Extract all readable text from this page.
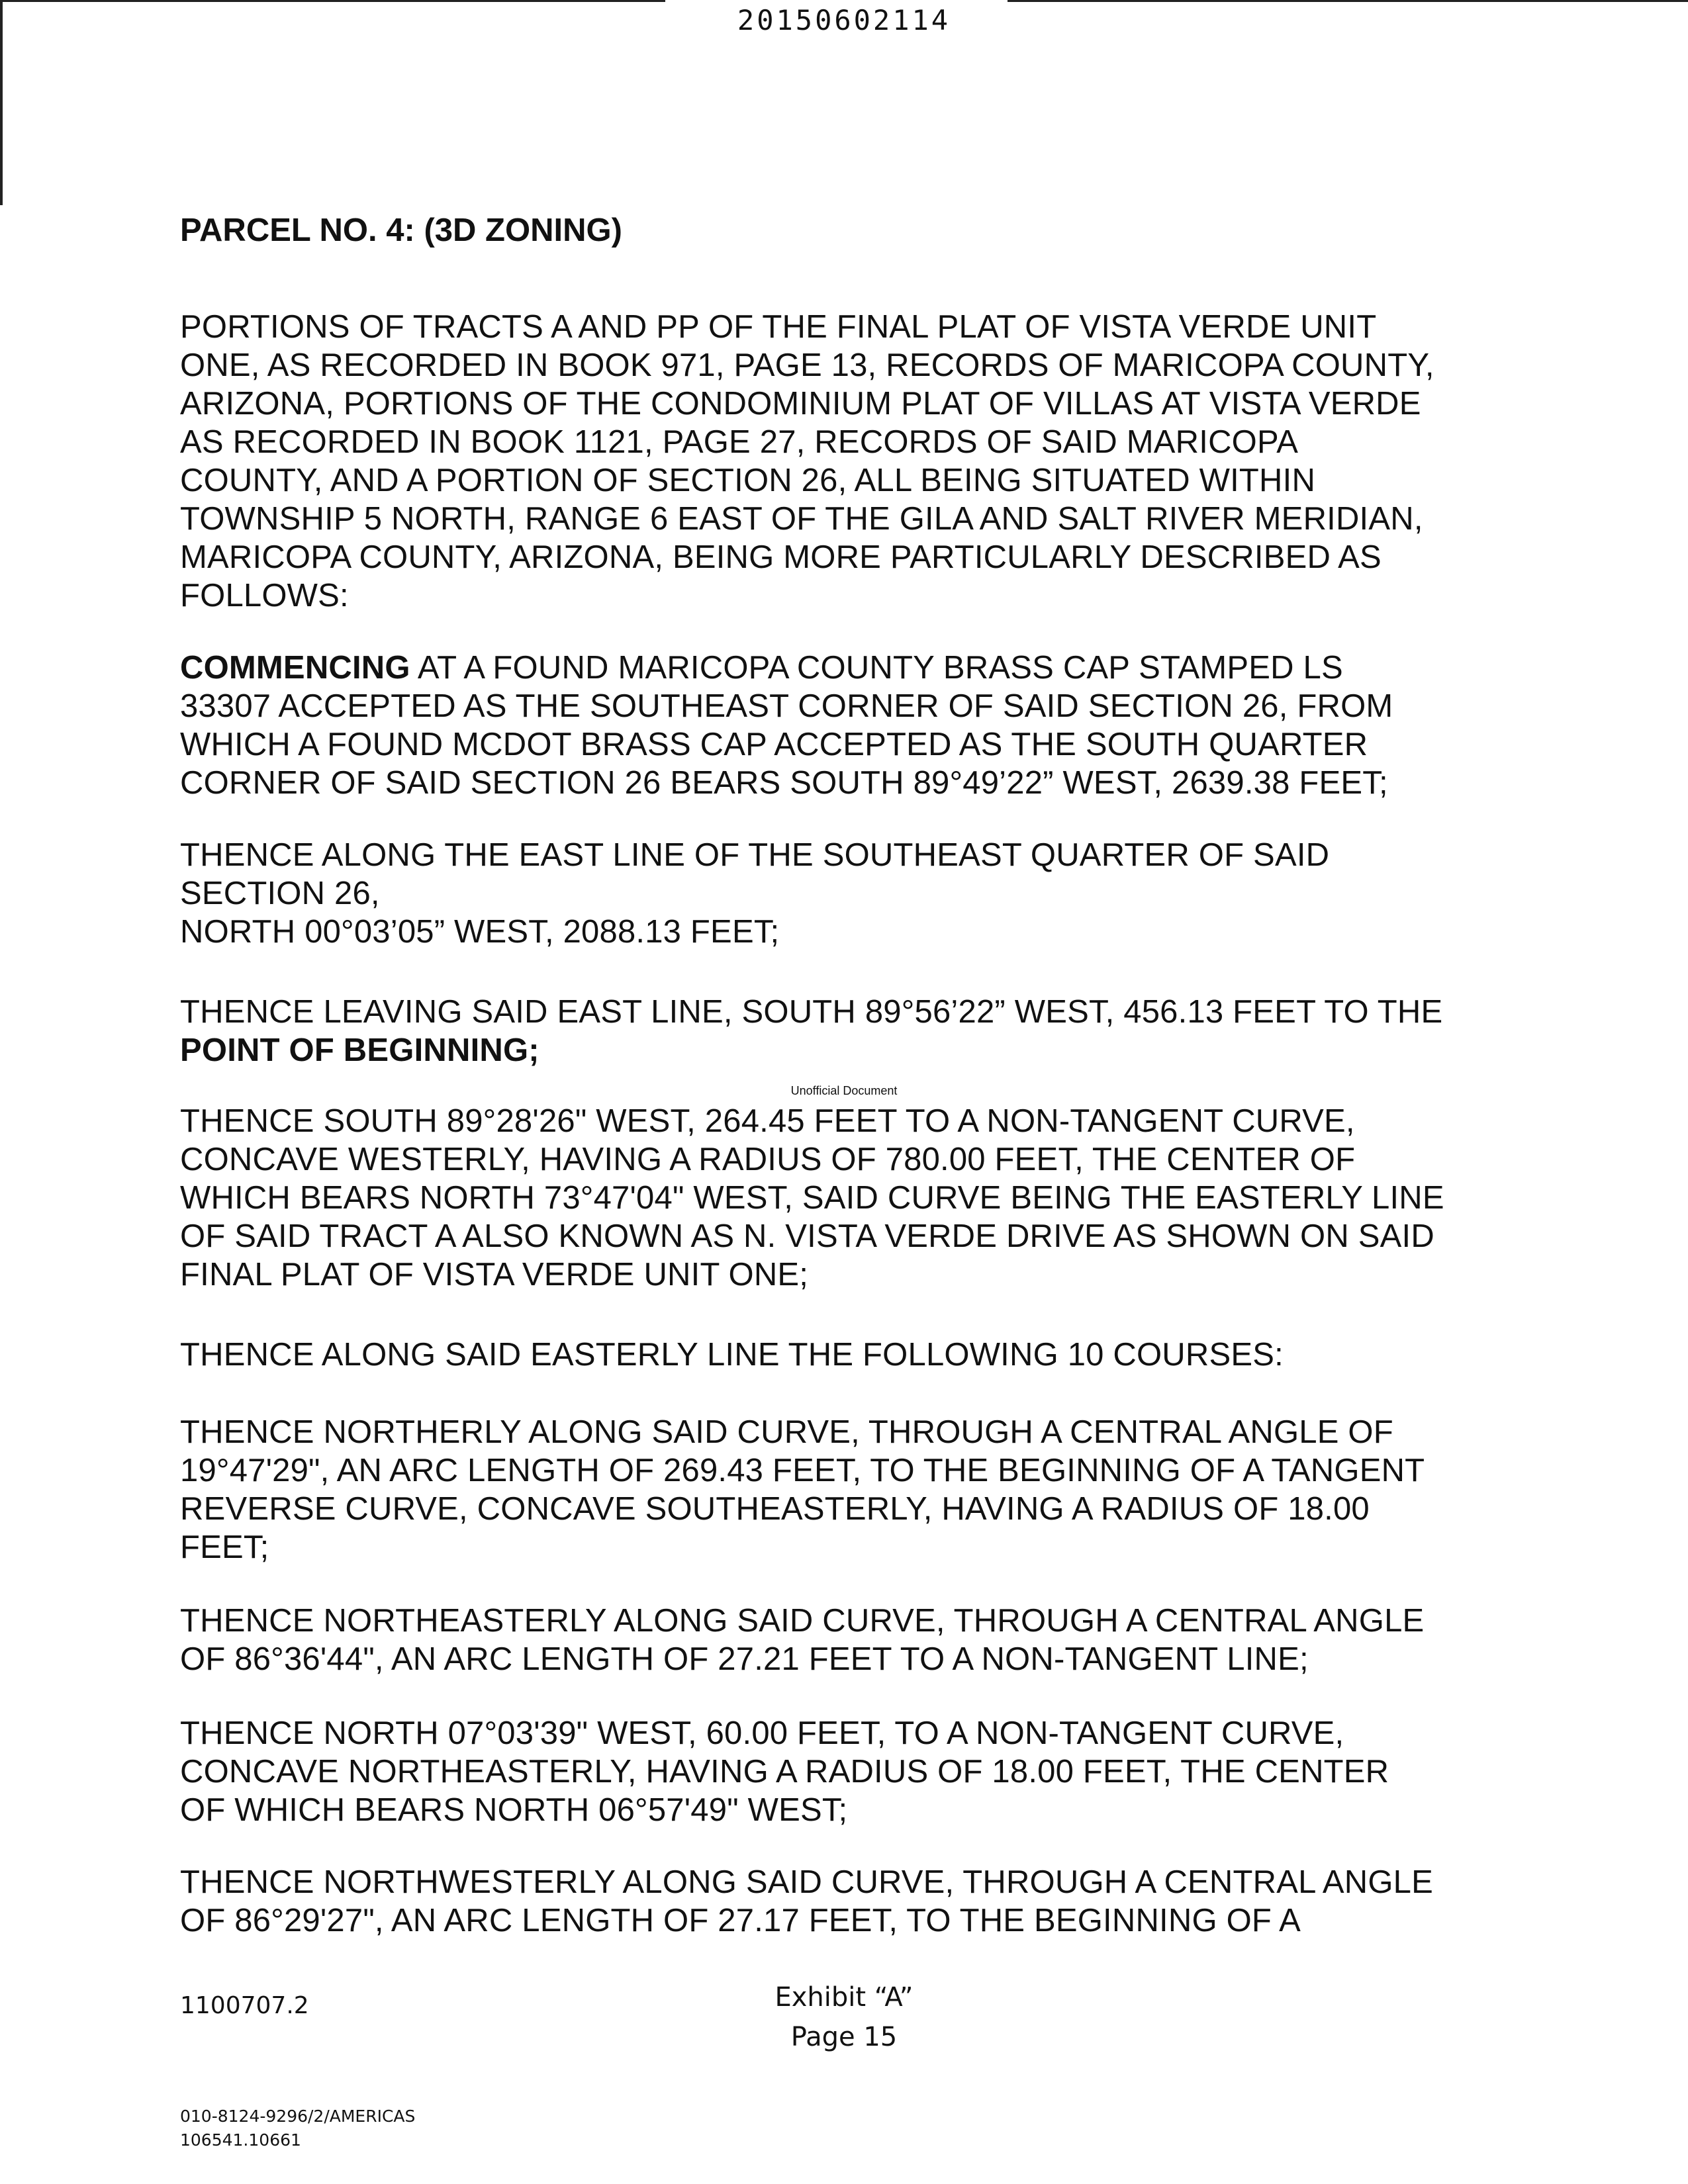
20150602114
PARCEL NO. 4: (3D ZONING)

PORTIONS OF TRACTS A AND PP OF THE FINAL PLAT OF VISTA VERDE UNIT
ONE, AS RECORDED IN BOOK 971, PAGE 13, RECORDS OF MARICOPA COUNTY,
ARIZONA, PORTIONS OF THE CONDOMINIUM PLAT OF VILLAS AT VISTA VERDE
AS RECORDED IN BOOK 1121, PAGE 27, RECORDS OF SAID MARICOPA
COUNTY, AND A PORTION OF SECTION 26, ALL BEING SITUATED WITHIN
TOWNSHIP 5 NORTH, RANGE 6 EAST OF THE GILA AND SALT RIVER MERIDIAN,
MARICOPA COUNTY, ARIZONA, BEING MORE PARTICULARLY DESCRIBED AS
FOLLOWS:

COMMENCING AT A FOUND MARICOPA COUNTY BRASS CAP STAMPED LS
33307 ACCEPTED AS THE SOUTHEAST CORNER OF SAID SECTION 26, FROM
WHICH A FOUND MCDOT BRASS CAP ACCEPTED AS THE SOUTH QUARTER
CORNER OF SAID SECTION 26 BEARS SOUTH 89°49’22” WEST, 2639.38 FEET;

THENCE ALONG THE EAST LINE OF THE SOUTHEAST QUARTER OF SAID
SECTION 26,
NORTH 00°03’05” WEST, 2088.13 FEET;

THENCE LEAVING SAID EAST LINE, SOUTH 89°56’22” WEST, 456.13 FEET TO THE
POINT OF BEGINNING;

Unofficial Document

THENCE SOUTH 89°28'26" WEST, 264.45 FEET TO A NON-TANGENT CURVE,
CONCAVE WESTERLY, HAVING A RADIUS OF 780.00 FEET, THE CENTER OF
WHICH BEARS NORTH 73°47'04" WEST, SAID CURVE BEING THE EASTERLY LINE
OF SAID TRACT A ALSO KNOWN AS N. VISTA VERDE DRIVE AS SHOWN ON SAID
FINAL PLAT OF VISTA VERDE UNIT ONE;

THENCE ALONG SAID EASTERLY LINE THE FOLLOWING 10 COURSES:

THENCE NORTHERLY ALONG SAID CURVE, THROUGH A CENTRAL ANGLE OF
19°47'29", AN ARC LENGTH OF 269.43 FEET, TO THE BEGINNING OF A TANGENT
REVERSE CURVE, CONCAVE SOUTHEASTERLY, HAVING A RADIUS OF 18.00
FEET;

THENCE NORTHEASTERLY ALONG SAID CURVE, THROUGH A CENTRAL ANGLE
OF 86°36'44", AN ARC LENGTH OF 27.21 FEET TO A NON-TANGENT LINE;

THENCE NORTH 07°03'39" WEST, 60.00 FEET, TO A NON-TANGENT CURVE,
CONCAVE NORTHEASTERLY, HAVING A RADIUS OF 18.00 FEET, THE CENTER
OF WHICH BEARS NORTH 06°57'49" WEST;

THENCE NORTHWESTERLY ALONG SAID CURVE, THROUGH A CENTRAL ANGLE
OF 86°29'27", AN ARC LENGTH OF 27.17 FEET, TO THE BEGINNING OF A

1100707.2	Exhibit “A”
Page 15
010-8124-9296/2/AMERICAS
106541.10661
